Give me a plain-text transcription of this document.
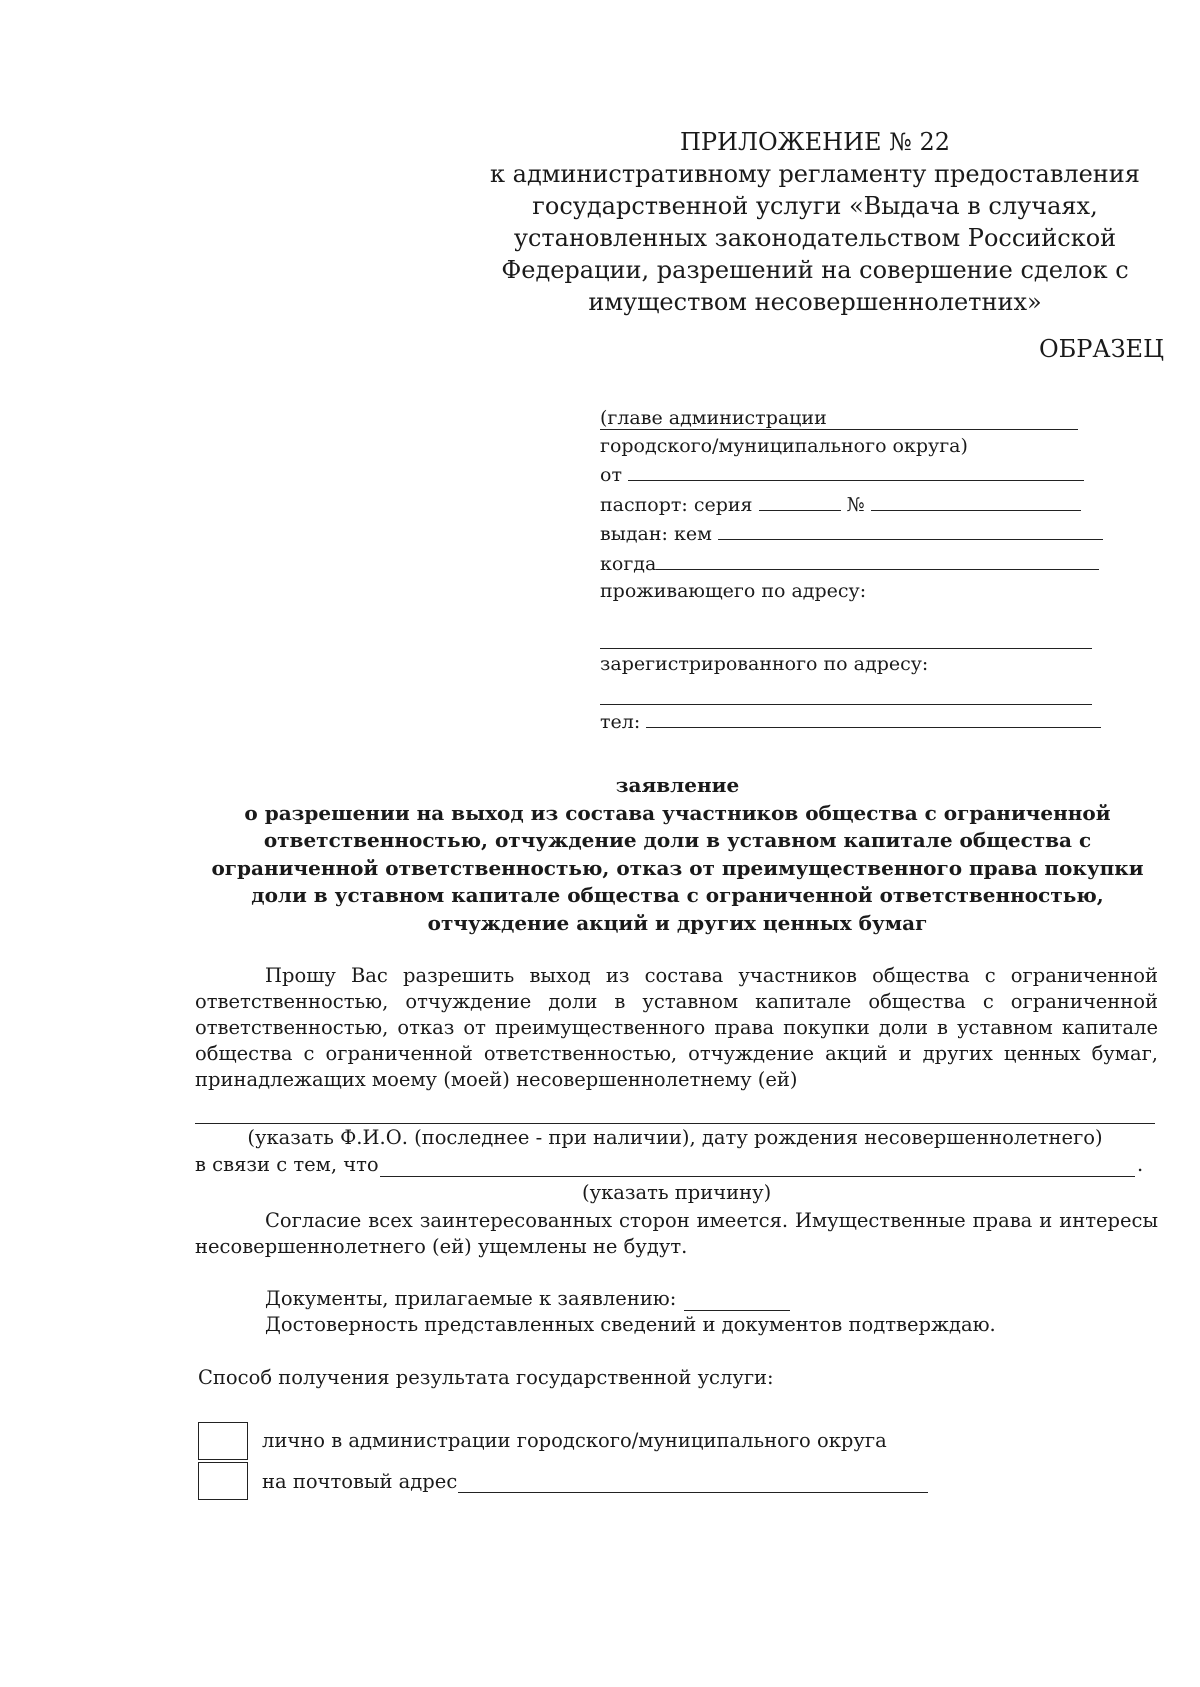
ПРИЛОЖЕНИЕ № 22
к административному регламенту предоставления
государственной услуги «Выдача в случаях,
установленных законодательством Российской
Федерации, разрешений на совершение сделок с
имуществом несовершеннолетних»
ОБРАЗЕЦ
(главе администрации
городского/муниципального округа)
от
паспорт: серия	№
выдан: кем
когда
проживающего по адресу:
зарегистрированного по адресу:
тел:
заявление
о разрешении на выход из состава участников общества с ограниченной
ответственностью, отчуждение доли в уставном капитале общества с
ограниченной ответственностью, отказ от преимущественного права покупки
доли в уставном капитале общества с ограниченной ответственностью,
отчуждение акций и других ценных бумаг
Прошу Вас разрешить выход из состава участников общества с ограниченной ответственностью, отчуждение доли в уставном капитале общества с ограниченной ответственностью, отказ от преимущественного права покупки доли в уставном капитале общества с ограниченной ответственностью, отчуждение акций и других ценных бумаг, принадлежащих моему (моей) несовершеннолетнему (ей)
(указать Ф.И.О. (последнее - при наличии), дату рождения несовершеннолетнего)
в связи с тем, что	.
(указать причину)
Согласие всех заинтересованных сторон имеется. Имущественные права и интересы несовершеннолетнего (ей) ущемлены не будут.
Документы, прилагаемые к заявлению:
Достоверность представленных сведений и документов подтверждаю.
Способ получения результата государственной услуги:
лично в администрации городского/муниципального округа
на почтовый адрес
